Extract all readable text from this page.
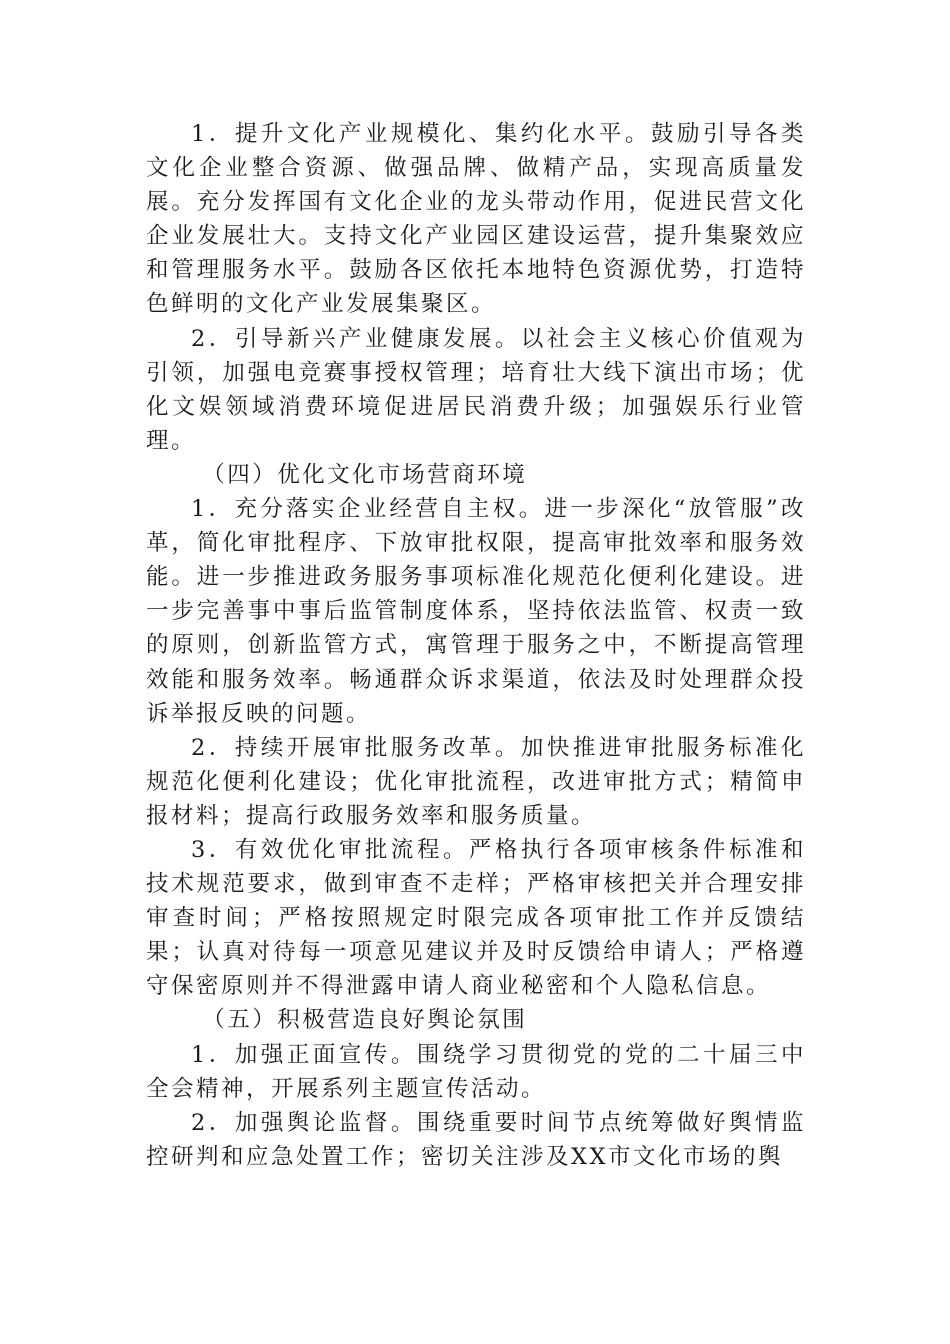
1．提升文化产业规模化、集约化水平。鼓励引导各类文化企业整合资源、做强品牌、做精产品，实现高质量发展。充分发挥国有文化企业的龙头带动作用，促进民营文化企业发展壮大。支持文化产业园区建设运营，提升集聚效应和管理服务水平。鼓励各区依托本地特色资源优势，打造特色鲜明的文化产业发展集聚区。

2．引导新兴产业健康发展。以社会主义核心价值观为引领，加强电竞赛事授权管理；培育壮大线下演出市场；优化文娱领域消费环境促进居民消费升级；加强娱乐行业管理。

（四）优化文化市场营商环境

1．充分落实企业经营自主权。进一步深化“放管服”改革，简化审批程序、下放审批权限，提高审批效率和服务效能。进一步推进政务服务事项标准化规范化便利化建设。进一步完善事中事后监管制度体系，坚持依法监管、权责一致的原则，创新监管方式，寓管理于服务之中，不断提高管理效能和服务效率。畅通群众诉求渠道，依法及时处理群众投诉举报反映的问题。

2．持续开展审批服务改革。加快推进审批服务标准化规范化便利化建设；优化审批流程，改进审批方式；精简申报材料；提高行政服务效率和服务质量。

3．有效优化审批流程。严格执行各项审核条件标准和技术规范要求，做到审查不走样；严格审核把关并合理安排审查时间；严格按照规定时限完成各项审批工作并反馈结果；认真对待每一项意见建议并及时反馈给申请人；严格遵守保密原则并不得泄露申请人商业秘密和个人隐私信息。

（五）积极营造良好舆论氛围

1．加强正面宣传。围绕学习贯彻党的党的二十届三中全会精神，开展系列主题宣传活动。

2．加强舆论监督。围绕重要时间节点统筹做好舆情监控研判和应急处置工作；密切关注涉及XX市文化市场的舆
